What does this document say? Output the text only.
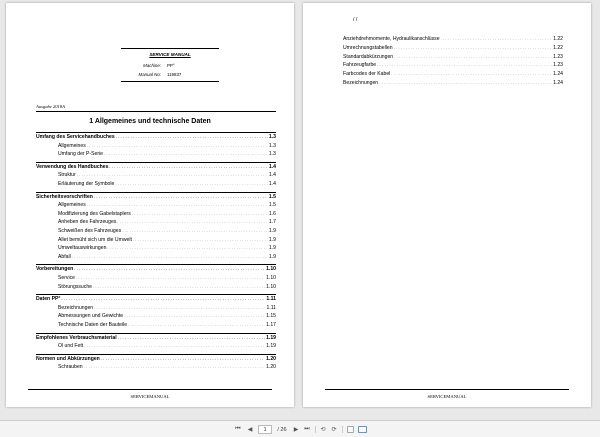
SERVICE MANUAL
Machine: PP°
Manual No: 119837
Ausgabe 2018A
1 Allgemeines und technische Daten
Umfang des Servicehandbuches . . .	1.3
Allgemeines . . .	1.3
Umfang der P-Serie . . .	1.3
Verwendung des Handbuches . . .	1.4
Struktur . . .	1.4
Erläuterung der Symbole . . .	1.4
Sicherheitsvorschriften . . .	1.5
Allgemeines . . .	1.5
Modifizierung des Gabelstaplers . . .	1.6
Anheben des Fahrzeuges . . .	1.7
Schweißen des Fahrzeuges . . .	1.9
Allet bemüht sich um die Umwelt . . .	1.9
Umweltauswirkungen . . .	1.9
Abfall . . .	1.9
Vorbereitungen . . .	1.10
Service . . .	1.10
Störungssuche . . .	1.10
Daten PP° . . .	1.11
Bezeichnungen . . .	1.11
Abmessungen und Gewichte . . .	1.15
Technische Daten der Bauteile . . .	1.17
Empfohlenes Verbrauchsmaterial . . .	1.19
Öl und Fett . . .	1.19
Normen und Abkürzungen . . .	1.20
Schrauben . . .	1.20
SERVICEMANUAL
/ /
Anziehdrehmomente, Hydraulikanschlüsse . . .	1.22
Umrechnungstabellen . . .	1.22
Standardabkürzungen . . .	1.23
Fahrzeugfarbe . . .	1.23
Farbcodes der Kabel . . .	1.24
Bezeichnungen . . .	1.24
SERVICEMANUAL
⏮	◀	1	/ 26	▶ ⏭	⟲ ⟳
